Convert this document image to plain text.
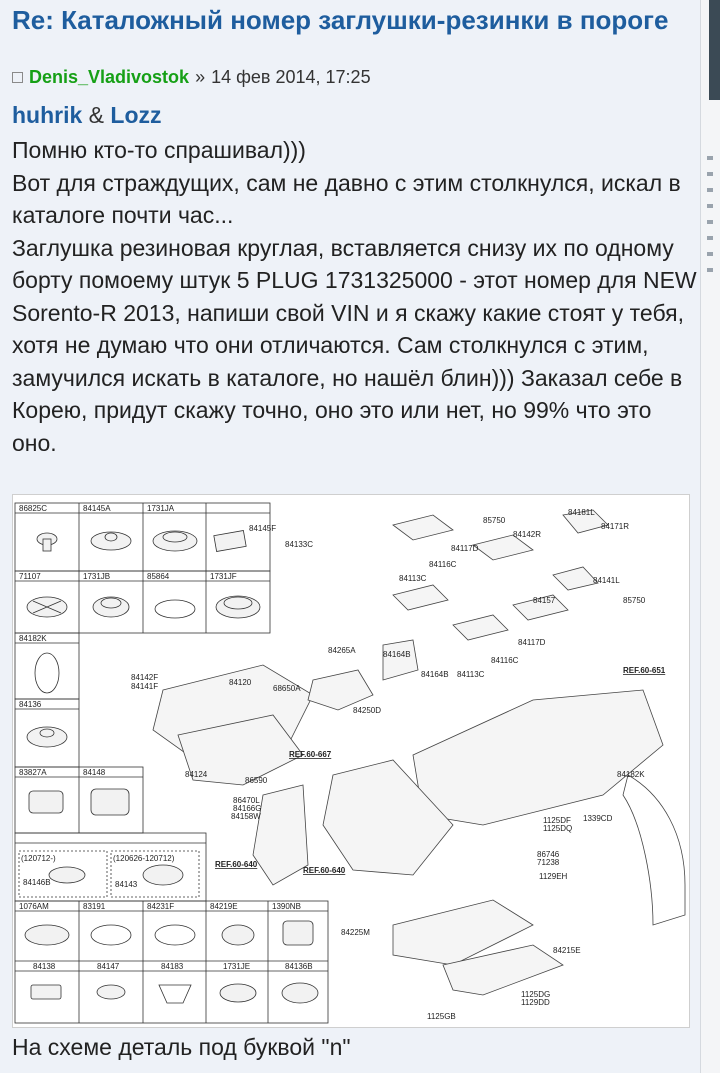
Re: Каталожный номер заглушки-резинки в пороге
Denis_Vladivostok » 14 фев 2014, 17:25
huhrik & Lozz

Помню кто-то спрашивал)))

Вот для страждущих, сам не давно с этим столкнулся, искал в каталоге почти час...

Заглушка резиновая круглая, вставляется снизу их по одному борту помоему штук 5 PLUG 1731325000 - этот номер для NEW Sorento-R 2013, напиши свой VIN и я скажу какие стоят у тебя, хотя не думаю что они отличаются. Сам столкнулся с этим, замучился искать в каталоге, но нашёл блин))) Заказал себе в Корею, придут скажу точно, оно это или нет, но 99% что это оно.

86825C	84145A	1731JA
84145F
84133C
71107	1731JB	85864	1731JF
84182K
84136
83827A	84148
(120712-)	(120626-120712)
84146B	84143
1076AM	83191	84231F	84219E	1390NB
84138	84147	84183	1731JE	84136B
85750
84181L
84142R
84171R
84117D
84116C
84113C	84141L
84157	85750
84117D
84116C
84265A	84164B
84164B 84113C	REF.60-651
84142F
84141F	84120
68650A
84250D
REF.60-667
84124
86590
86470L
84166G
84158W
84182K
1125DF
1125DQ
1339CD
86746
71238
1129EH
REF.60-640
REF.60-640
84225M
84215E
1125DG
1129DD
1125GB
На схеме деталь под буквой "n"
